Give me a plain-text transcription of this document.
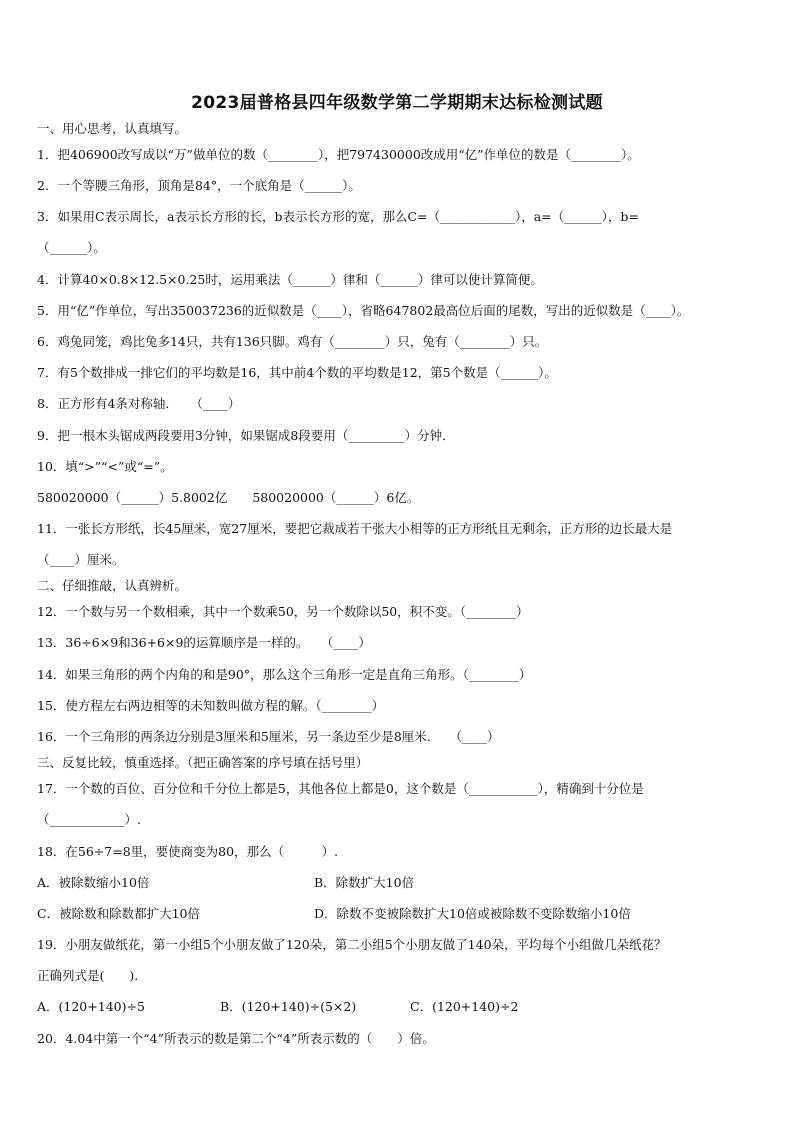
2023届普格县四年级数学第二学期期末达标检测试题
一、用心思考，认真填写。
1．把406900改写成以“万”做单位的数（________），把797430000改成用“亿”作单位的数是（________）。
2．一个等腰三角形，顶角是84°，一个底角是（______）。
3．如果用C表示周长，a表示长方形的长，b表示长方形的宽，那么C=（____________），a=（______），b=
（______）。
4．计算40×0.8×12.5×0.25时，运用乘法（______）律和（______）律可以使计算简便。
5．用“亿”作单位，写出350037236的近似数是（____），省略647802最高位后面的尾数，写出的近似数是（____）。
6．鸡兔同笼，鸡比兔多14只，共有136只脚。鸡有（________）只，兔有（________）只。
7．有5个数排成一排它们的平均数是16，其中前4个数的平均数是12，第5个数是（______）。
8．正方形有4条对称轴．　　（____）
9．把一根木头锯成两段要用3分钟，如果锯成8段要用（_________）分钟．
10．填“>”“<”或“=”。
580020000（______）5.8002亿　　580020000（______）6亿。
11．一张长方形纸，长45厘米，宽27厘米，要把它裁成若干张大小相等的正方形纸且无剩余，正方形的边长最大是
（____）厘米。
二、仔细推敲，认真辨析。
12．一个数与另一个数相乘，其中一个数乘50，另一个数除以50，积不变。（________）
13．36÷6×9和36+6×9的运算顺序是一样的。　　（____）
14．如果三角形的两个内角的和是90°，那么这个三角形一定是直角三角形。（________）
15．使方程左右两边相等的未知数叫做方程的解。（________）
16．一个三角形的两条边分别是3厘米和5厘米，另一条边至少是8厘米.　　（____）
三、反复比较，慎重选择。（把正确答案的序号填在括号里）
17．一个数的百位、百分位和千分位上都是5，其他各位上都是0，这个数是（___________），精确到十分位是
（____________）.
18．在56÷7=8里，要使商变为80，那么（　　　）.
A．被除数缩小10倍	B．除数扩大10倍
C．被除数和除数都扩大10倍	D．除数不变被除数扩大10倍或被除数不变除数缩小10倍
19．小朋友做纸花，第一小组5个小朋友做了120朵，第二小组5个小朋友做了140朵，平均每个小组做几朵纸花？
正确列式是(　　).
A．(120+140)÷5	B．(120+140)÷(5×2)	C．(120+140)÷2
20．4.04中第一个“4”所表示的数是第二个“4”所表示数的（　　）倍。
